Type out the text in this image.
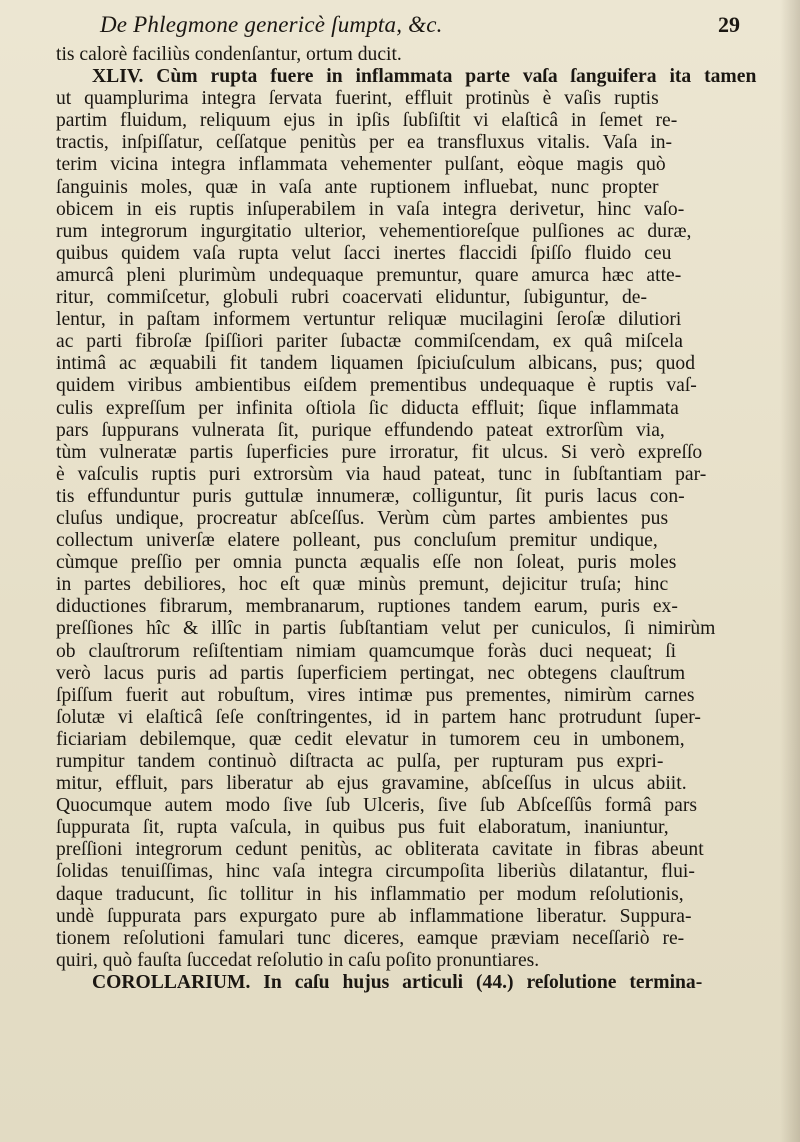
De Phlegmone genericè ſumpta, &c.	29
tis calorè faciliùs condenſantur, ortum ducit.
XLIV. Cùm rupta fuere in inflammata parte vaſa ſanguifera ita tamen
ut quamplurima integra ſervata fuerint, effluit protinùs è vaſis ruptis
partim fluidum, reliquum ejus in ipſis ſubſiſtit vi elaſticâ in ſemet re-
tractis, inſpiſſatur, ceſſatque penitùs per ea transfluxus vitalis. Vaſa in-
terim vicina integra inflammata vehementer pulſant, eòque magis quò
ſanguinis moles, quæ in vaſa ante ruptionem influebat, nunc propter
obicem in eis ruptis inſuperabilem in vaſa integra derivetur, hinc vaſo-
rum integrorum ingurgitatio ulterior, vehementioreſque pulſiones ac duræ,
quibus quidem vaſa rupta velut ſacci inertes flaccidi ſpiſſo fluido ceu
amurcâ pleni plurimùm undequaque premuntur, quare amurca hæc atte-
ritur, commiſcetur, globuli rubri coacervati eliduntur, ſubiguntur, de-
lentur, in paſtam informem vertuntur reliquæ mucilagini ſeroſæ dilutiori
ac parti fibroſæ ſpiſſiori pariter ſubactæ commiſcendam, ex quâ miſcela
intimâ ac æquabili fit tandem liquamen ſpiciuſculum albicans, pus; quod
quidem viribus ambientibus eiſdem prementibus undequaque è ruptis vaſ-
culis expreſſum per infinita oſtiola ſic diducta effluit; ſique inflammata
pars ſuppurans vulnerata ſit, purique effundendo pateat extrorſùm via,
tùm vulneratæ partis ſuperficies pure irroratur, fit ulcus. Si verò expreſſo
è vaſculis ruptis puri extrorsùm via haud pateat, tunc in ſubſtantiam par-
tis effunduntur puris guttulæ innumeræ, colliguntur, ſit puris lacus con-
cluſus undique, procreatur abſceſſus. Verùm cùm partes ambientes pus
collectum univerſæ elatere polleant, pus concluſum premitur undique,
cùmque preſſio per omnia puncta æqualis eſſe non ſoleat, puris moles
in partes debiliores, hoc eſt quæ minùs premunt, dejicitur truſa; hinc
diductiones fibrarum, membranarum, ruptiones tandem earum, puris ex-
preſſiones hîc & illîc in partis ſubſtantiam velut per cuniculos, ſi nimirùm
ob clauſtrorum reſiſtentiam nimiam quamcumque foràs duci nequeat; ſi
verò lacus puris ad partis ſuperficiem pertingat, nec obtegens clauſtrum
ſpiſſum fuerit aut robuſtum, vires intimæ pus prementes, nimirùm carnes
ſolutæ vi elaſticâ ſeſe conſtringentes, id in partem hanc protrudunt ſuper-
ficiariam debilemque, quæ cedit elevatur in tumorem ceu in umbonem,
rumpitur tandem continuò diſtracta ac pulſa, per rupturam pus expri-
mitur, effluit, pars liberatur ab ejus gravamine, abſceſſus in ulcus abiit.
Quocumque autem modo ſive ſub Ulceris, ſive ſub Abſceſſûs formâ pars
ſuppurata ſit, rupta vaſcula, in quibus pus fuit elaboratum, inaniuntur,
preſſioni integrorum cedunt penitùs, ac obliterata cavitate in fibras abeunt
ſolidas tenuiſſimas, hinc vaſa integra circumpoſita liberiùs dilatantur, flui-
daque traducunt, ſic tollitur in his inflammatio per modum reſolutionis,
undè ſuppurata pars expurgato pure ab inflammatione liberatur. Suppura-
tionem reſolutioni famulari tunc diceres, eamque præviam neceſſariò re-
quiri, quò fauſta ſuccedat reſolutio in caſu poſito pronuntiares.
COROLLARIUM. In caſu hujus articuli (44.) reſolutione termina-
